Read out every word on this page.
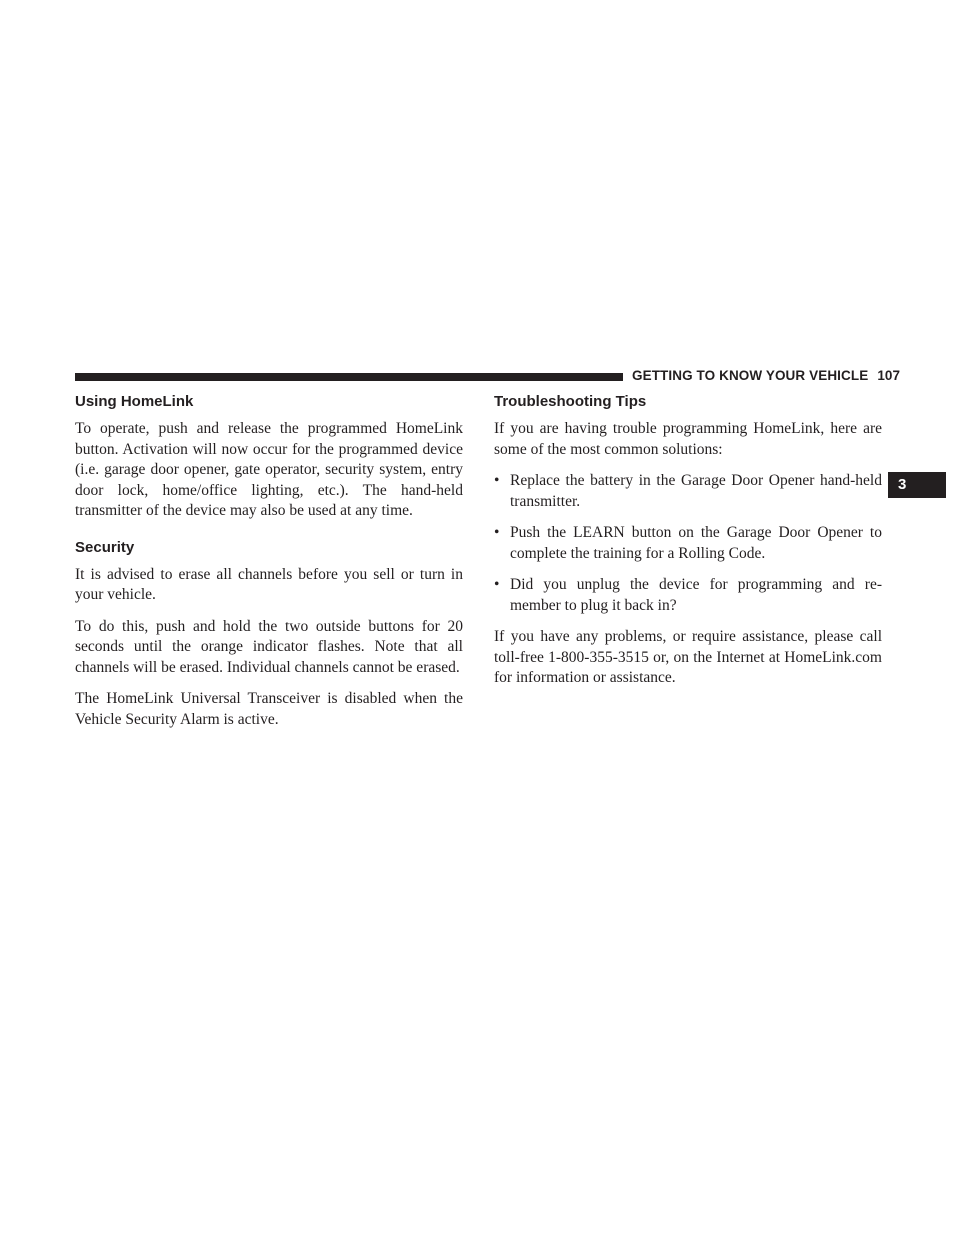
GETTING TO KNOW YOUR VEHICLE 107
3
Using HomeLink

To operate, push and release the programmed HomeLink button. Activation will now occur for the programmed device (i.e. garage door opener, gate operator, security system, entry door lock, home/office lighting, etc.). The hand-held transmitter of the device may also be used at any time.

Security

It is advised to erase all channels before you sell or turn in your vehicle.

To do this, push and hold the two outside buttons for 20 seconds until the orange indicator flashes. Note that all channels will be erased. Individual channels cannot be erased.

The HomeLink Universal Transceiver is disabled when the Vehicle Security Alarm is active.

Troubleshooting Tips

If you are having trouble programming HomeLink, here are some of the most common solutions:

• Replace the battery in the Garage Door Opener hand-held transmitter.
• Push the LEARN button on the Garage Door Opener to complete the training for a Rolling Code.
• Did you unplug the device for programming and re-member to plug it back in?

If you have any problems, or require assistance, please call toll-free 1-800-355-3515 or, on the Internet at HomeLink.com for information or assistance.
